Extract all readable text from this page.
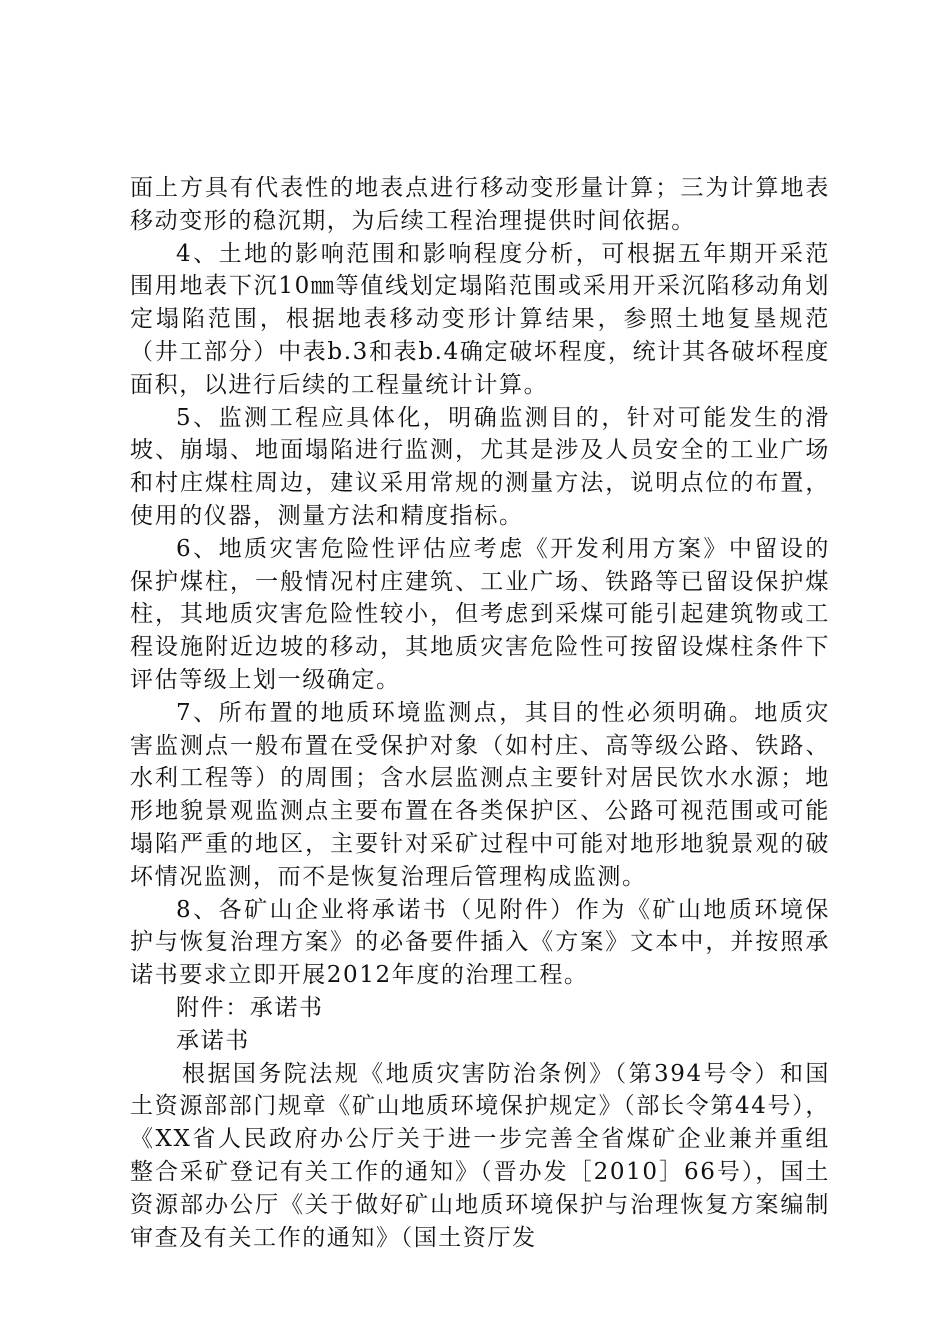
面上方具有代表性的地表点进行移动变形量计算；三为计算地表移动变形的稳沉期，为后续工程治理提供时间依据。

4、土地的影响范围和影响程度分析，可根据五年期开采范围用地表下沉10㎜等值线划定塌陷范围或采用开采沉陷移动角划定塌陷范围，根据地表移动变形计算结果，参照土地复垦规范（井工部分）中表b.3和表b.4确定破坏程度，统计其各破坏程度面积，以进行后续的工程量统计计算。

5、监测工程应具体化，明确监测目的，针对可能发生的滑坡、崩塌、地面塌陷进行监测，尤其是涉及人员安全的工业广场和村庄煤柱周边，建议采用常规的测量方法，说明点位的布置，使用的仪器，测量方法和精度指标。

6、地质灾害危险性评估应考虑《开发利用方案》中留设的保护煤柱，一般情况村庄建筑、工业广场、铁路等已留设保护煤柱，其地质灾害危险性较小，但考虑到采煤可能引起建筑物或工程设施附近边坡的移动，其地质灾害危险性可按留设煤柱条件下评估等级上划一级确定。

7、所布置的地质环境监测点，其目的性必须明确。地质灾害监测点一般布置在受保护对象（如村庄、高等级公路、铁路、水利工程等）的周围；含水层监测点主要针对居民饮水水源；地形地貌景观监测点主要布置在各类保护区、公路可视范围或可能塌陷严重的地区，主要针对采矿过程中可能对地形地貌景观的破坏情况监测，而不是恢复治理后管理构成监测。

8、各矿山企业将承诺书（见附件）作为《矿山地质环境保护与恢复治理方案》的必备要件插入《方案》文本中，并按照承诺书要求立即开展2012年度的治理工程。

附件：承诺书

承诺书

根据国务院法规《地质灾害防治条例》（第394号令）和国土资源部部门规章《矿山地质环境保护规定》（部长令第44号），《XX省人民政府办公厅关于进一步完善全省煤矿企业兼并重组整合采矿登记有关工作的通知》（晋办发［2010］66号），国土资源部办公厅《关于做好矿山地质环境保护与治理恢复方案编制审查及有关工作的通知》（国土资厅发
